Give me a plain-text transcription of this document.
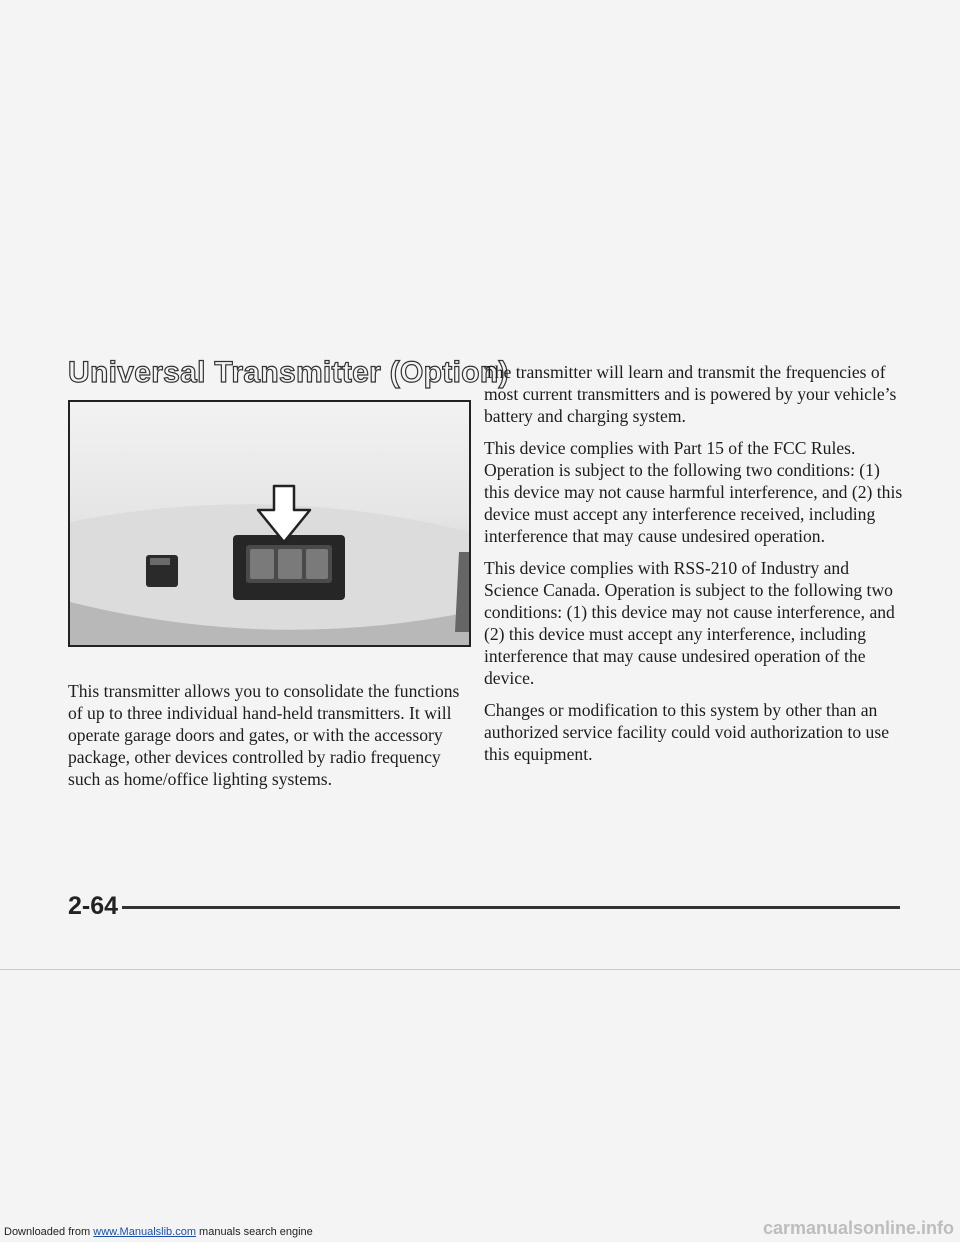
Universal Transmitter (Option)

This transmitter allows you to consolidate the functions of up to three individual hand-held transmitters. It will operate garage doors and gates, or with the accessory package, other devices controlled by radio frequency such as home/office lighting systems.

The transmitter will learn and transmit the frequencies of most current transmitters and is powered by your vehicle’s battery and charging system.

This device complies with Part 15 of the FCC Rules. Operation is subject to the following two conditions: (1) this device may not cause harmful interference, and (2) this device must accept any interference received, including interference that may cause undesired operation.

This device complies with RSS-210 of Industry and Science Canada. Operation is subject to the following two conditions: (1) this device may not cause interference, and (2) this device must accept any interference, including interference that may cause undesired operation of the device.

Changes or modification to this system by other than an authorized service facility could void authorization to use this equipment.

2-64
Downloaded from www.Manualslib.com manuals search engine	carmanualsonline.info
